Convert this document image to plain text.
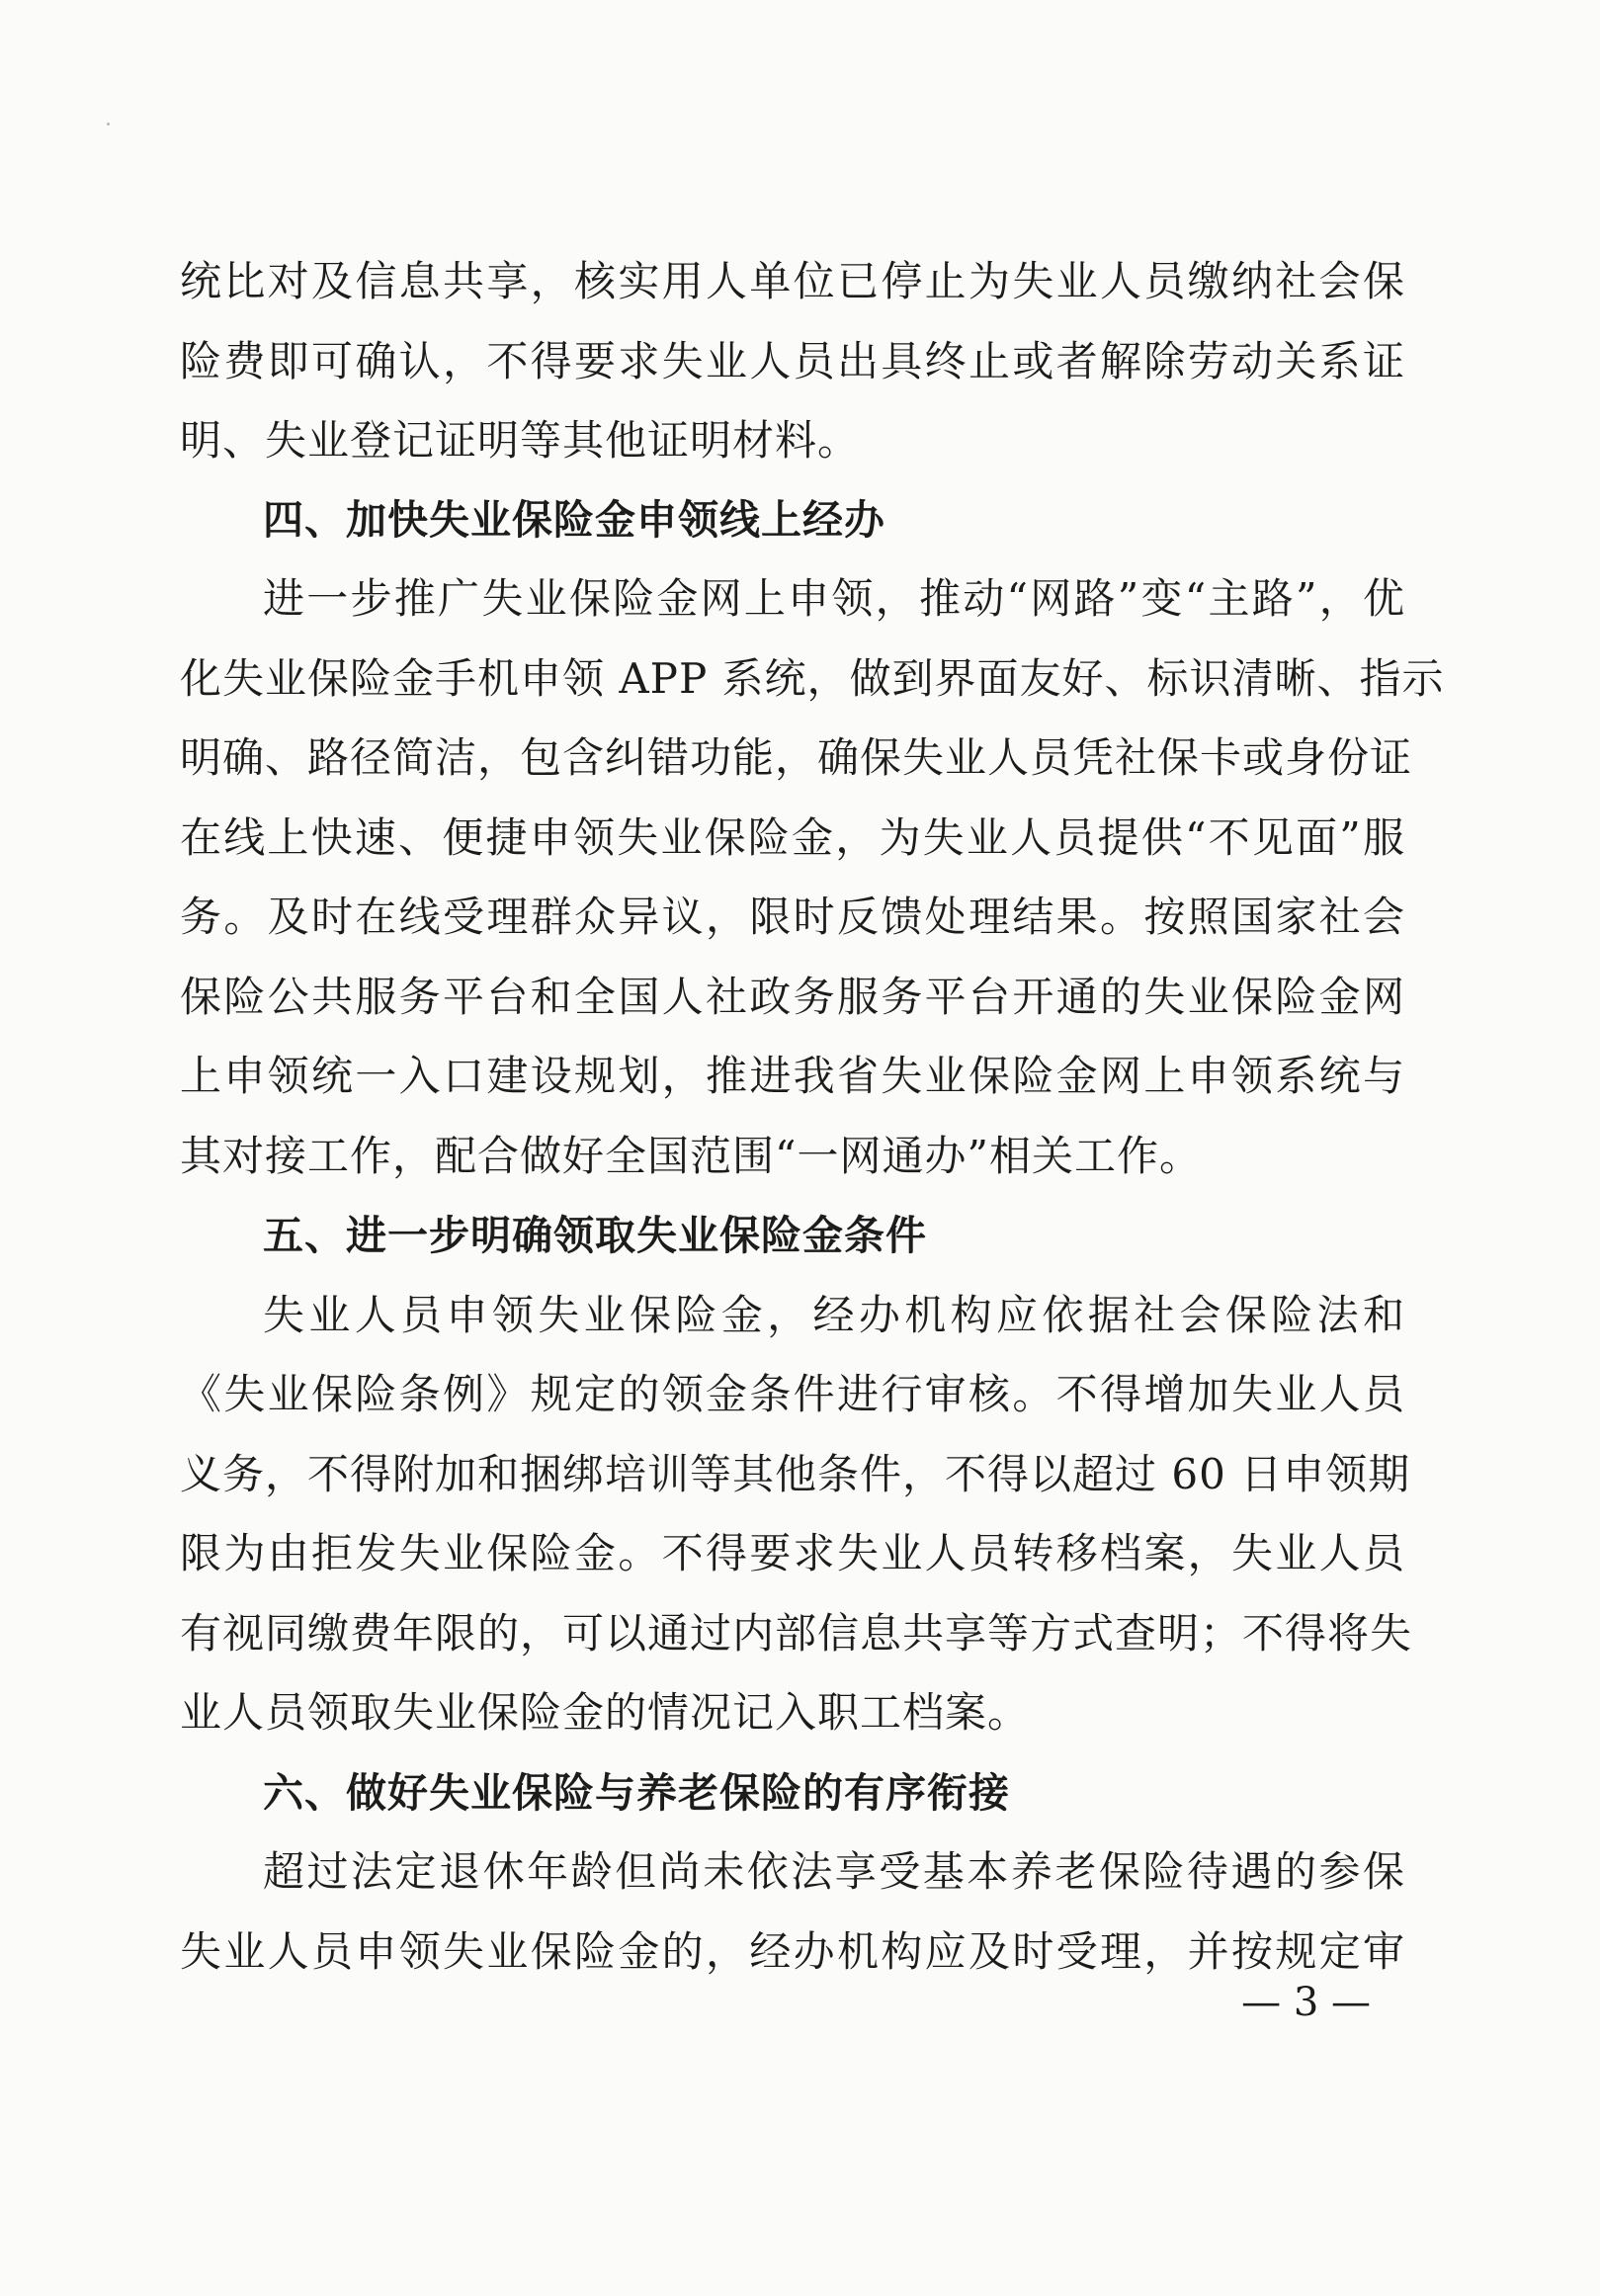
统比对及信息共享，核实用人单位已停止为失业人员缴纳社会保
险费即可确认，不得要求失业人员出具终止或者解除劳动关系证
明、失业登记证明等其他证明材料。
四、加快失业保险金申领线上经办
进一步推广失业保险金网上申领，推动“网路”变“主路”，优
化失业保险金手机申领 APP 系统，做到界面友好、标识清晰、指示
明确、路径简洁，包含纠错功能，确保失业人员凭社保卡或身份证
在线上快速、便捷申领失业保险金，为失业人员提供“不见面”服
务。及时在线受理群众异议，限时反馈处理结果。按照国家社会
保险公共服务平台和全国人社政务服务平台开通的失业保险金网
上申领统一入口建设规划，推进我省失业保险金网上申领系统与
其对接工作，配合做好全国范围“一网通办”相关工作。
五、进一步明确领取失业保险金条件
失业人员申领失业保险金，经办机构应依据社会保险法和
《失业保险条例》规定的领金条件进行审核。不得增加失业人员
义务，不得附加和捆绑培训等其他条件，不得以超过 60 日申领期
限为由拒发失业保险金。不得要求失业人员转移档案，失业人员
有视同缴费年限的，可以通过内部信息共享等方式查明；不得将失
业人员领取失业保险金的情况记入职工档案。
六、做好失业保险与养老保险的有序衔接
超过法定退休年龄但尚未依法享受基本养老保险待遇的参保
失业人员申领失业保险金的，经办机构应及时受理，并按规定审
— 3 —
